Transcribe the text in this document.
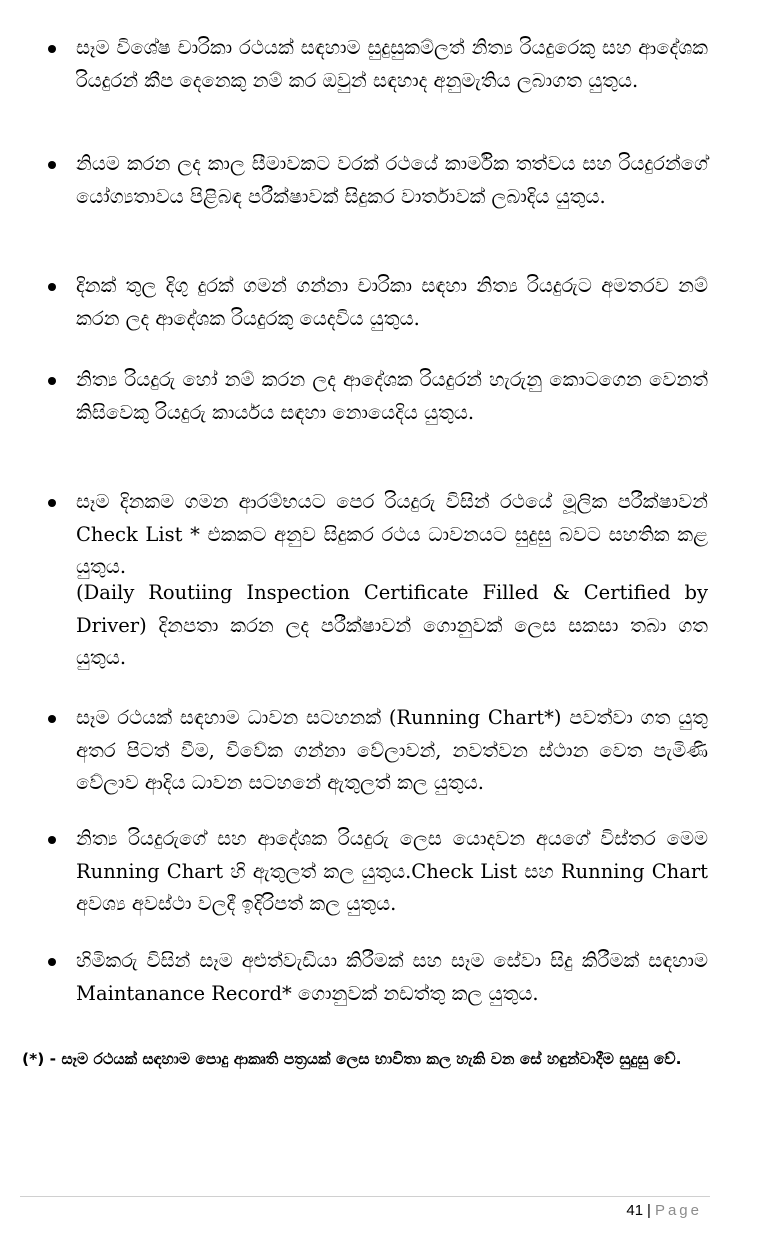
සෑම විශේෂ චාරිකා රථයක් සඳහාම සුදුසුකම්ලත් නිත්‍ය රියදුරෙකු සහ ආදේශක රියදුරන් කීප දෙනෙකු නම් කර ඔවුන් සඳහාද අනුමැතිය ලබාගත යුතුය.
නියම කරන ලද කාල සීමාවකට වරක් රථයේ කාර්මික තත්වය සහ රියදුරන්ගේ යෝග්‍යතාවය පිළිබඳ පරීක්ෂාවක් සිදුකර වාර්තාවක් ලබාදිය යුතුය.
දිනක් තුල දිගු දුරක් ගමන් ගන්නා චාරිකා සඳහා නිත්‍ය රියදුරුට අමතරව නම් කරන ලද ආදේශක රියදුරකු යෙදවිය යුතුය.
නිත්‍ය රියදුරු හෝ නම් කරන ලද ආදේශක රියදුරන් හැරුනු කොටගෙන වෙනත් කිසිවෙකු රියදුරු කාර්යය සඳහා නොයෙදිය යුතුය.
සෑම දිනකම ගමන ආරම්භයට පෙර රියදුරු විසින් රථයේ මූලික පරීක්ෂාවන් Check List * එකකට අනුව සිදුකර රථය ධාවනයට සුදුසු බවට සහතික කළ යුතුය.
(Daily Routiing Inspection Certificate Filled & Certified by Driver) දිනපතා කරන ලද පරීක්ෂාවන් ගොනුවක් ලෙස සකසා තබා ගත යුතුය.
සෑම රථයක් සඳහාම ධාවන සටහනක් (Running Chart*) පවත්වා ගත යුතු අතර පිටත් වීම, විවේක ගන්නා වේලාවන්, නවත්වන ස්ථාන වෙත පැමිණි වේලාව ආදිය ධාවන සටහනේ ඇතුලත් කල යුතුය.
නිත්‍ය රියදුරුගේ සහ ආදේශක රියදුරු ලෙස යොදවන අයගේ විස්තර මෙම Running Chart හි ඇතුලත් කල යුතුය.Check List සහ Running Chart අවශ්‍ය අවස්ථා වලදී ඉදිරිපත් කල යුතුය.
හිමිකරු විසින් සෑම අළුත්වැඩියා කිරීමක් සහ සෑම සේවා සිදු කිරීමක් සඳහාම Maintanance Record* ගොනුවක් නඩත්තු කල යුතුය.
(*) - සෑම රථයක් සඳහාම පොදු ආකෘති පත්‍රයක් ලෙස භාවිතා කල හැකි වන සේ හඳුන්වාදීම සුදුසු වේ.
41 | Page
